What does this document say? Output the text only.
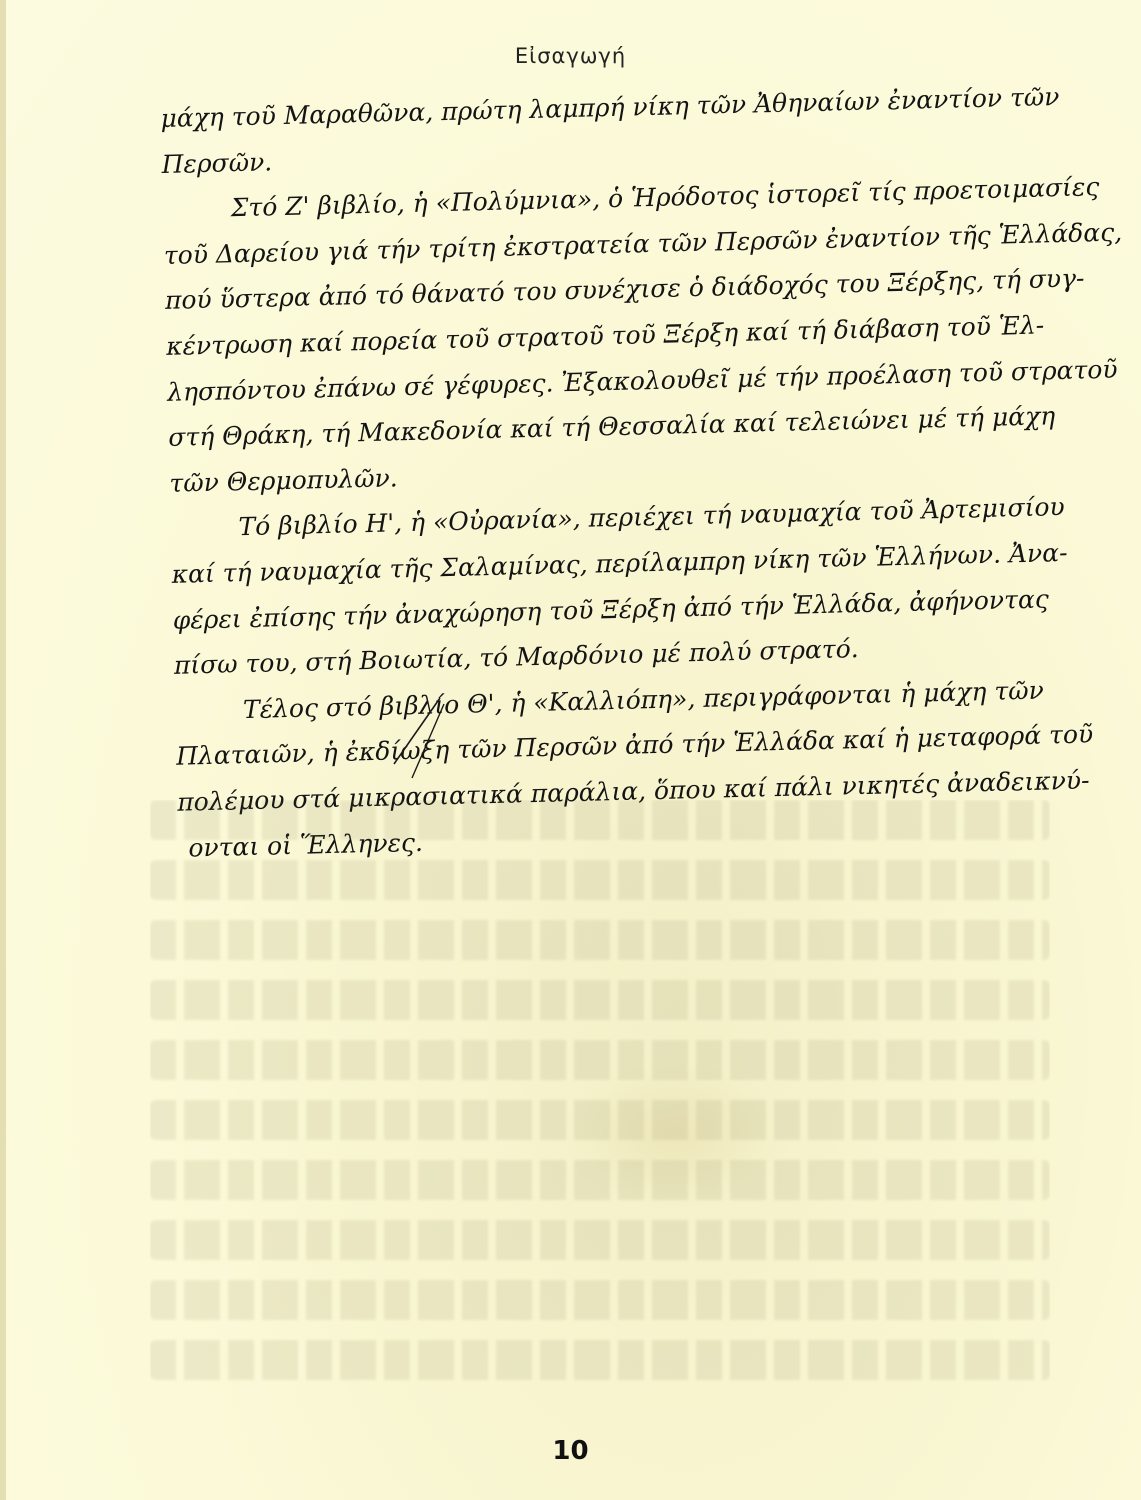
Εἰσαγωγή
μάχη τοῦ Μαραθῶνα, πρώτη λαμπρή νίκη τῶν Ἀθηναίων ἐναντίον τῶν
Περσῶν.
Στό Ζ' βιβλίο, ἡ «Πολύμνια», ὁ Ἡρόδοτος ἱστορεῖ τίς προετοιμασίες
τοῦ Δαρείου γιά τήν τρίτη ἐκστρατεία τῶν Περσῶν ἐναντίον τῆς Ἑλλάδας,
πού ὕστερα ἀπό τό θάνατό του συνέχισε ὁ διάδοχός του Ξέρξης, τή συγ-
κέντρωση καί πορεία τοῦ στρατοῦ τοῦ Ξέρξη καί τή διάβαση τοῦ Ἑλ-
λησπόντου ἐπάνω σέ γέφυρες. Ἐξακολουθεῖ μέ τήν προέλαση τοῦ στρατοῦ
στή Θράκη, τή Μακεδονία καί τή Θεσσαλία καί τελειώνει μέ τή μάχη
τῶν Θερμοπυλῶν.
Τό βιβλίο Η', ἡ «Οὐρανία», περιέχει τή ναυμαχία τοῦ Ἀρτεμισίου
καί τή ναυμαχία τῆς Σαλαμίνας, περίλαμπρη νίκη τῶν Ἑλλήνων. Ἀνα-
φέρει ἐπίσης τήν ἀναχώρηση τοῦ Ξέρξη ἀπό τήν Ἑλλάδα, ἀφήνοντας
πίσω του, στή Βοιωτία, τό Μαρδόνιο μέ πολύ στρατό.
Τέλος στό βιβλίο Θ', ἡ «Καλλιόπη», περιγράφονται ἡ μάχη τῶν
Πλαταιῶν, ἡ ἐκδίωξη τῶν Περσῶν ἀπό τήν Ἑλλάδα καί ἡ μεταφορά τοῦ
πολέμου στά μικρασιατικά παράλια, ὅπου καί πάλι νικητές ἀναδεικνύ-
ονται οἱ Ἕλληνες.
10
